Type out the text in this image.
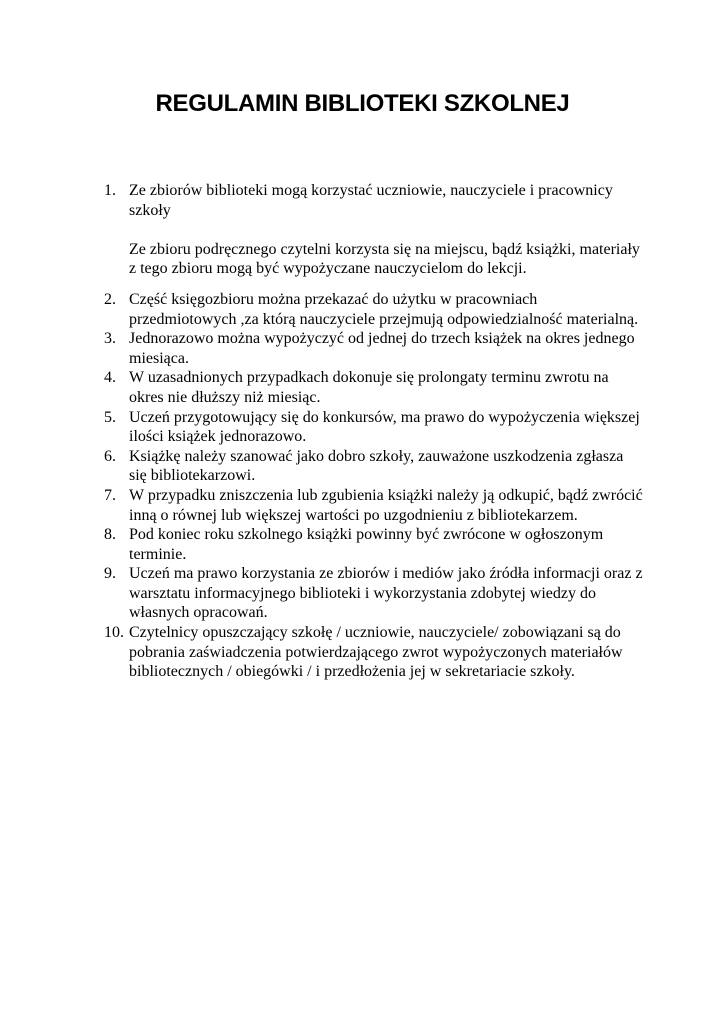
REGULAMIN BIBLIOTEKI SZKOLNEJ
1. Ze zbiorów biblioteki mogą korzystać uczniowie, nauczyciele i pracownicy szkoły
Ze zbioru podręcznego czytelni korzysta się na miejscu, bądź książki, materiały z tego zbioru mogą być wypożyczane nauczycielom do lekcji.
2. Część księgozbioru można przekazać do użytku w pracowniach przedmiotowych ,za którą nauczyciele przejmują odpowiedzialność materialną.
3. Jednorazowo można wypożyczyć od jednej do trzech książek na okres jednego miesiąca.
4. W uzasadnionych przypadkach dokonuje się prolongaty terminu zwrotu na okres nie dłuższy niż miesiąc.
5. Uczeń przygotowujący się do konkursów, ma prawo do wypożyczenia większej ilości książek jednorazowo.
6. Książkę należy szanować jako dobro szkoły, zauważone uszkodzenia zgłasza się bibliotekarzowi.
7. W przypadku zniszczenia lub zgubienia książki należy ją odkupić, bądź zwrócić inną o równej lub większej wartości po uzgodnieniu z bibliotekarzem.
8. Pod koniec roku szkolnego książki powinny być zwrócone w ogłoszonym terminie.
9. Uczeń ma prawo korzystania ze zbiorów i mediów jako źródła informacji oraz z warsztatu informacyjnego biblioteki i wykorzystania zdobytej wiedzy do własnych opracowań.
10. Czytelnicy opuszczający szkołę / uczniowie, nauczyciele/ zobowiązani są do pobrania zaświadczenia potwierdzającego zwrot wypożyczonych materiałów bibliotecznych / obiegówki / i przedłożenia jej w sekretariacie szkoły.
